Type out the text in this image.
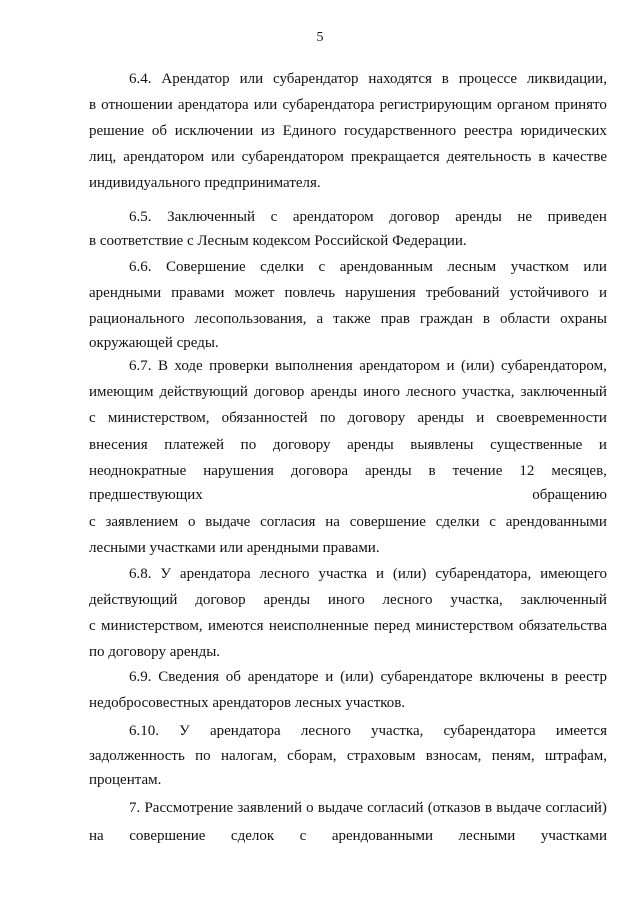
5
6.4. Арендатор или субарендатор находятся в процессе ликвидации,
в отношении арендатора или субарендатора регистрирующим органом принято
решение об исключении из Единого государственного реестра юридических
лиц, арендатором или субарендатором прекращается деятельность в качестве
индивидуального предпринимателя.
6.5. Заключенный с арендатором договор аренды не приведен
в соответствие с Лесным кодексом Российской Федерации.
6.6. Совершение сделки с арендованным лесным участком или
арендными правами может повлечь нарушения требований устойчивого и
рационального лесопользования, а также прав граждан в области охраны
окружающей среды.
6.7. В ходе проверки выполнения арендатором и (или) субарендатором,
имеющим действующий договор аренды иного лесного участка, заключенный
с министерством, обязанностей по договору аренды и своевременности
внесения платежей по договору аренды выявлены существенные и
неоднократные нарушения договора аренды в течение 12 месяцев,
предшествующих	обращению
с заявлением о выдаче согласия на совершение сделки с арендованными
лесными участками или арендными правами.
6.8. У арендатора лесного участка и (или) субарендатора, имеющего
действующий договор аренды иного лесного участка, заключенный
с министерством, имеются неисполненные перед министерством обязательства
по договору аренды.
6.9. Сведения об арендаторе и (или) субарендаторе включены в реестр
недобросовестных арендаторов лесных участков.
6.10. У арендатора лесного участка, субарендатора имеется
задолженность по налогам, сборам, страховым взносам, пеням, штрафам,
процентам.
7. Рассмотрение заявлений о выдаче согласий (отказов в выдаче согласий)
на совершение сделок с арендованными лесными участками
